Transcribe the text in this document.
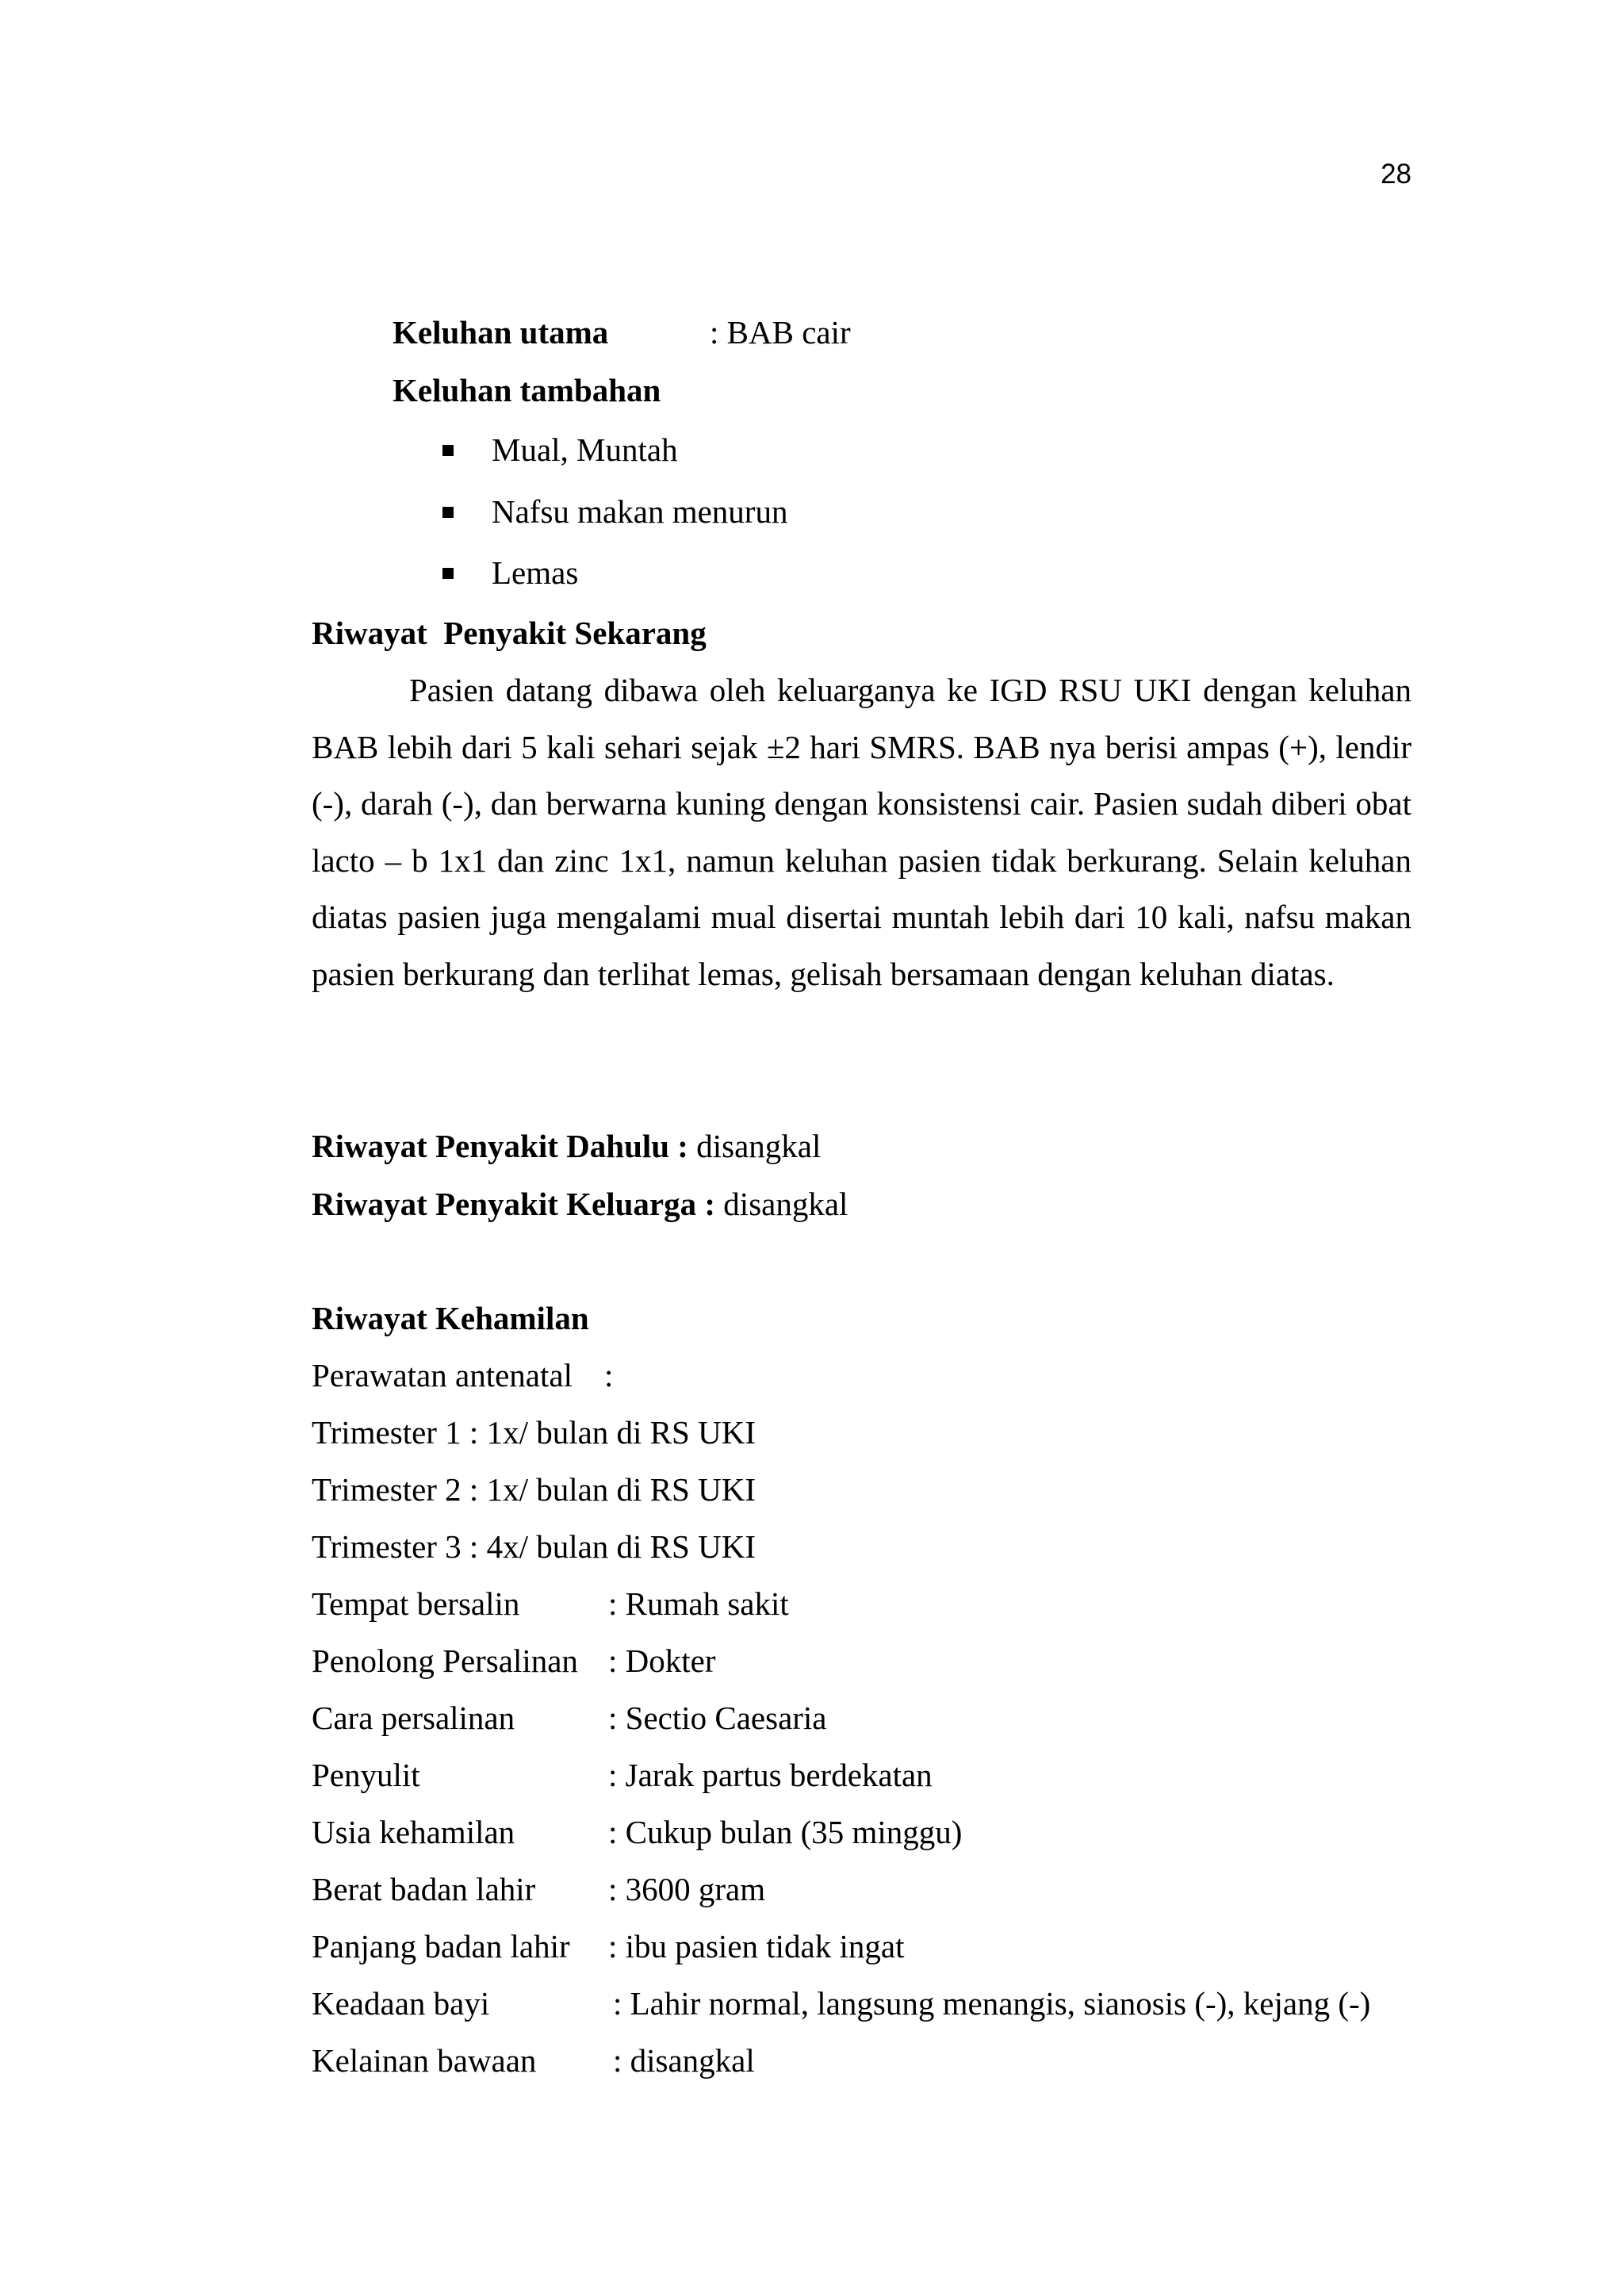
28
Keluhan utama	: BAB cair
Keluhan tambahan
Mual, Muntah
Nafsu makan menurun
Lemas
Riwayat  Penyakit Sekarang
Pasien datang dibawa oleh keluarganya ke IGD RSU UKI dengan keluhan BAB lebih dari 5 kali sehari sejak ±2 hari SMRS. BAB nya berisi ampas (+), lendir (-), darah (-), dan berwarna kuning dengan konsistensi cair. Pasien sudah diberi obat lacto – b 1x1 dan zinc 1x1, namun keluhan pasien tidak berkurang. Selain keluhan diatas pasien juga mengalami mual disertai muntah lebih dari 10 kali, nafsu makan pasien berkurang dan terlihat lemas, gelisah bersamaan dengan keluhan diatas.
Riwayat Penyakit Dahulu : disangkal
Riwayat Penyakit Keluarga : disangkal
Riwayat Kehamilan
Perawatan antenatal :
Trimester 1 : 1x/ bulan di RS UKI
Trimester 2 : 1x/ bulan di RS UKI
Trimester 3 : 4x/ bulan di RS UKI
Tempat bersalin	: Rumah sakit
Penolong Persalinan : Dokter
Cara persalinan	: Sectio Caesaria
Penyulit	: Jarak partus berdekatan
Usia kehamilan	: Cukup bulan (35 minggu)
Berat badan lahir : 3600 gram
Panjang badan lahir : ibu pasien tidak ingat
Keadaan bayi	: Lahir normal, langsung menangis, sianosis (-), kejang (-)
Kelainan bawaan : disangkal
